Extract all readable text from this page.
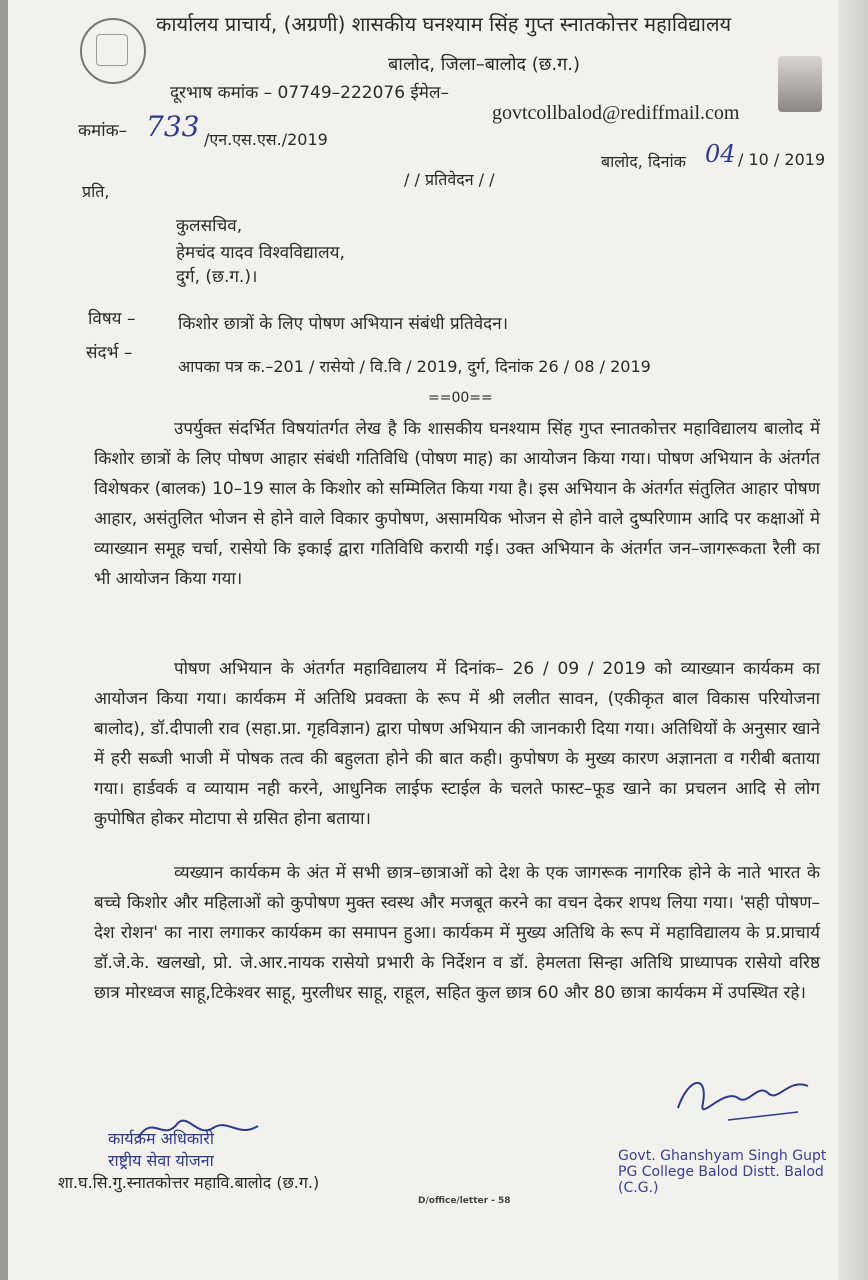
कार्यालय प्राचार्य, (अग्रणी) शासकीय घनश्याम सिंह गुप्त स्नातकोत्तर महाविद्यालय
बालोद, जिला–बालोद (छ.ग.)
दूरभाष कमांक – 07749–222076 ईमेल–
govtcollbalod@rediffmail.com
कमांक– 733 /एन.एस.एस./2019
बालोद, दिनांक 04 / 10 / 2019
/ / प्रतिवेदन / /
प्रति,
कुलसचिव,
हेमचंद यादव विश्वविद्यालय,
दुर्ग, (छ.ग.)।
विषय –	किशोर छात्रों के लिए पोषण अभियान संबंधी प्रतिवेदन।
संदर्भ –
आपका पत्र क.–201 / रासेयो / वि.वि / 2019, दुर्ग, दिनांक 26 / 08 / 2019
==00==
उपर्युक्त संदर्भित विषयांतर्गत लेख है कि शासकीय घनश्याम सिंह गुप्त स्नातकोत्तर महाविद्यालय बालोद में किशोर छात्रों के लिए पोषण आहार संबंधी गतिविधि (पोषण माह) का आयोजन किया गया। पोषण अभियान के अंतर्गत विशेषकर (बालक) 10–19 साल के किशोर को सम्मिलित किया गया है। इस अभियान के अंतर्गत संतुलित आहार पोषण आहार, असंतुलित भोजन से होने वाले विकार कुपोषण, असामयिक भोजन से होने वाले दुष्परिणाम आदि पर कक्षाओं मे व्याख्यान समूह चर्चा, रासेयो कि इकाई द्वारा गतिविधि करायी गई। उक्त अभियान के अंतर्गत जन–जागरूकता रैली का भी आयोजन किया गया।
पोषण अभियान के अंतर्गत महाविद्यालय में दिनांक– 26 / 09 / 2019 को व्याख्यान कार्यकम का आयोजन किया गया। कार्यकम में अतिथि प्रवक्ता के रूप में श्री ललीत सावन, (एकीकृत बाल विकास परियोजना बालोद), डॉ.दीपाली राव (सहा.प्रा. गृहविज्ञान) द्वारा पोषण अभियान की जानकारी दिया गया। अतिथियों के अनुसार खाने में हरी सब्जी भाजी में पोषक तत्व की बहुलता होने की बात कही। कुपोषण के मुख्य कारण अज्ञानता व गरीबी बताया गया। हार्डवर्क व व्यायाम नही करने, आधुनिक लाईफ स्टाईल के चलते फास्ट–फूड खाने का प्रचलन आदि से लोग कुपोषित होकर मोटापा से ग्रसित होना बताया।
व्यख्यान कार्यकम के अंत में सभी छात्र–छात्राओं को देश के एक जागरूक नागरिक होने के नाते भारत के बच्चे किशोर और महिलाओं को कुपोषण मुक्त स्वस्थ और मजबूत करने का वचन देकर शपथ लिया गया। 'सही पोषण–देश रोशन' का नारा लगाकर कार्यकम का समापन हुआ। कार्यकम में मुख्य अतिथि के रूप में महाविद्यालय के प्र.प्राचार्य डॉ.जे.के. खलखो, प्रो. जे.आर.नायक रासेयो प्रभारी के निर्देशन व डॉ. हेमलता सिन्हा अतिथि प्राध्यापक रासेयो वरिष्ठ छात्र मोरध्वज साहू,टिकेश्वर साहू, मुरलीधर साहू, राहूल, सहित कुल छात्र 60 और 80 छात्रा कार्यकम में उपस्थित रहे।
कार्यक्रम अधिकारी
राष्ट्रीय सेवा योजना
शा.घ.सि.गु.स्नातकोत्तर महावि.बालोद (छ.ग.)
Govt. Ghanshyam Singh Gupt
PG College Balod Distt. Balod (C.G.)
D/office/letter - 58
